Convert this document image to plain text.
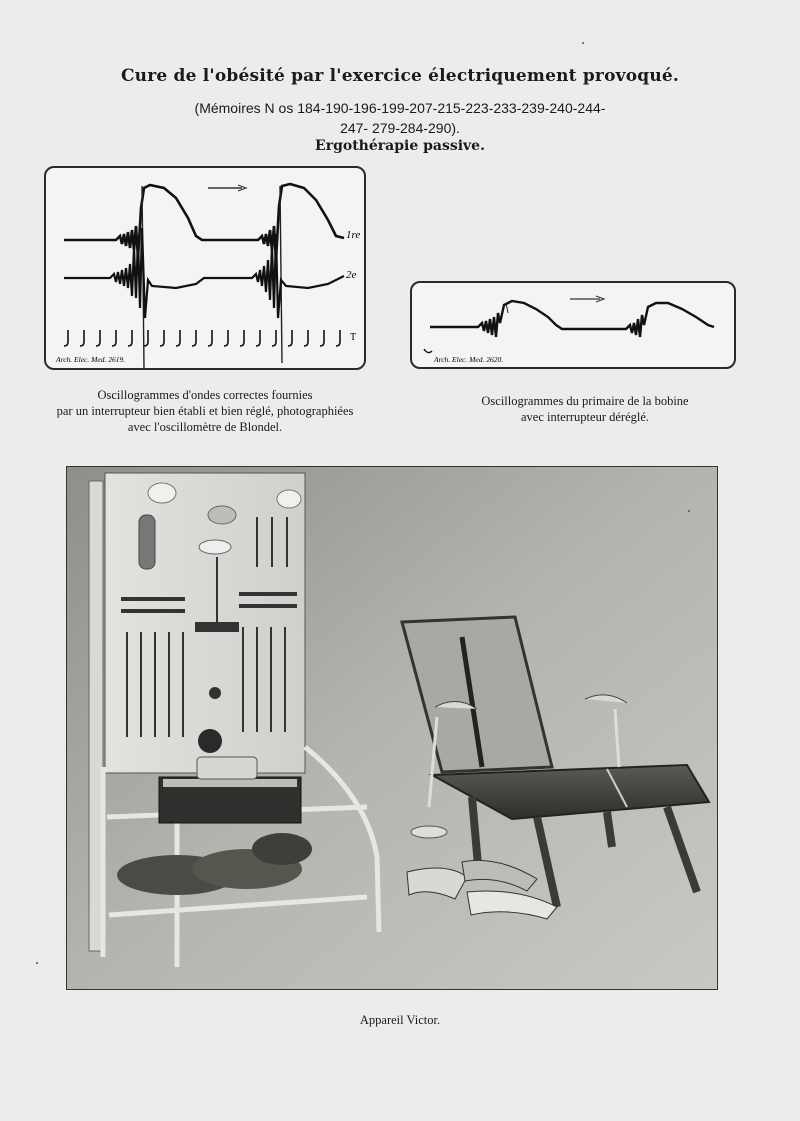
Cure de l'obésité par l'exercice électriquement provoqué.
(Mémoires N os 184-190-196-199-207-215-223-233-239-240-244-
247- 279-284-290).
Ergothérapie passive.
1re
2e
T
Arch. Elec. Med. 2619.	Arch. Elec. Med. 2620.
Oscillogrammes d'ondes correctes fournies
par un interrupteur bien établi et bien réglé, photographiées
avec l'oscillomètre de Blondel.
Oscillogrammes du primaire de la bobine
avec interrupteur déréglé.
Appareil Victor.
